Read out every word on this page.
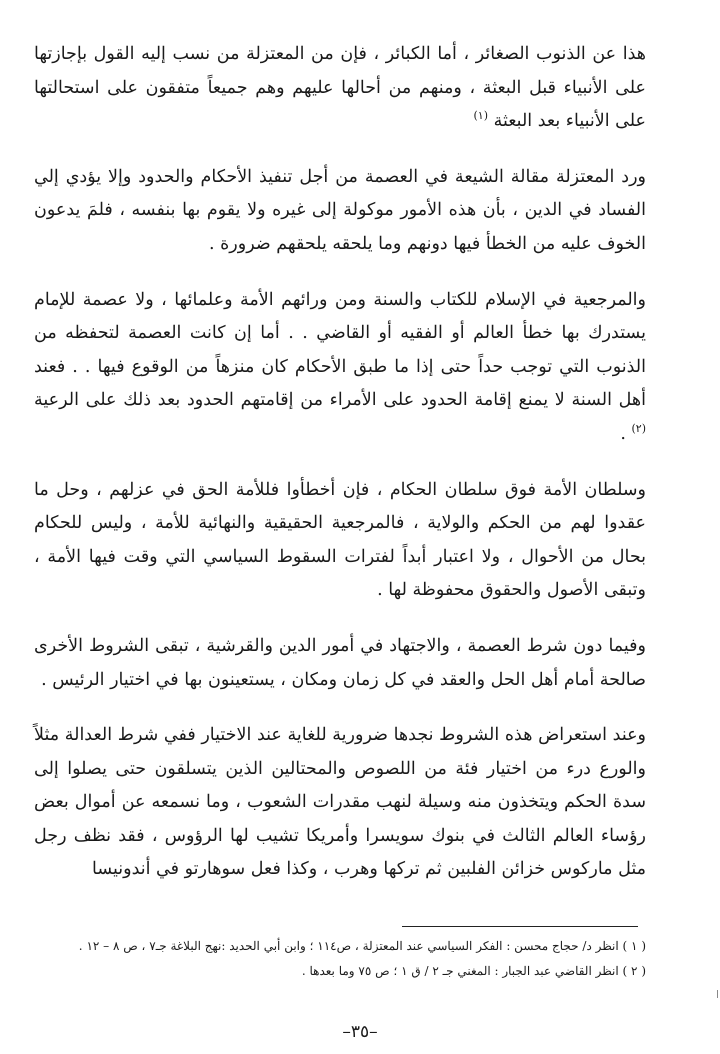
هذا عن الذنوب الصغائر ، أما الكبائر ، فإن من المعتزلة من نسب إليه القول بإجازتها على الأنبياء قبل البعثة ، ومنهم من أحالها عليهم وهم جميعاً متفقون على استحالتها على الأنبياء بعد البعثة $^{(١)}$

ورد المعتزلة مقالة الشيعة في العصمة من أجل تنفيذ الأحكام والحدود وإلا يؤدي إلي الفساد في الدين ، بأن هذه الأمور موكولة إلى غيره ولا يقوم بها بنفسه ، فلمَ يدعون الخوف عليه من الخطأ فيها دونهم وما يلحقه يلحقهم ضرورة .

والمرجعية في الإسلام للكتاب والسنة ومن ورائهم الأمة وعلمائها ، ولا عصمة للإمام يستدرك بها خطأ العالم أو الفقيه أو القاضي . . أما إن كانت العصمة لتحفظه من الذنوب التي توجب حداً حتى إذا ما طبق الأحكام كان منزهاً من الوقوع فيها . . فعند أهل السنة لا يمنع إقامة الحدود على الأمراء من إقامتهم الحدود بعد ذلك على الرعية $^{(٢)}$ .

وسلطان الأمة فوق سلطان الحكام ، فإن أخطأوا فللأمة الحق في عزلهم ، وحل ما عقدوا لهم من الحكم والولاية ، فالمرجعية الحقيقية والنهائية للأمة ، وليس للحكام بحال من الأحوال ، ولا اعتبار أبداً لفترات السقوط السياسي التي وقت فيها الأمة ، وتبقى الأصول والحقوق محفوظة لها .

وفيما دون شرط العصمة ، والاجتهاد في أمور الدين والقرشية ، تبقى الشروط الأخرى صالحة أمام أهل الحل والعقد في كل زمان ومكان ، يستعينون بها في اختيار الرئيس .

وعند استعراض هذه الشروط نجدها ضرورية للغاية عند الاختيار ففي شرط العدالة مثلاً والورع درء من اختيار فئة من اللصوص والمحتالين الذين يتسلقون حتى يصلوا إلى سدة الحكم ويتخذون منه وسيلة لنهب مقدرات الشعوب ، وما نسمعه عن أموال بعض رؤساء العالم الثالث في بنوك سويسرا وأمريكا تشيب لها الرؤوس ، فقد نظف رجل مثل ماركوس خزائن الفلبين ثم تركها وهرب ، وكذا فعل سوهارتو في أندونيسا

( ١ ) انظر د/ حجاج محسن : الفكر السياسي عند المعتزلة ، ص١١٤ ؛ وابن أبي الحديد :نهج البلاغة جـ٧ ، ص ٨ – ١٢ .
( ٢ ) انظر القاضي عبد الجبار : المغني جـ ٢ / ق ١ ؛ ص ٧٥ وما بعدها .
–٣٥–
